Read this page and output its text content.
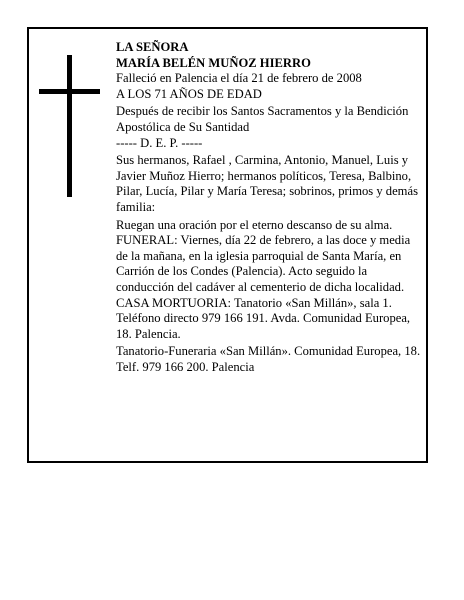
LA SEÑORA

MARÍA BELÉN MUÑOZ HIERRO

Falleció en Palencia el día 21 de febrero de 2008

A LOS 71 AÑOS DE EDAD

Después de recibir los Santos Sacramentos y la Bendición Apostólica de Su Santidad

----- D. E. P. -----

Sus hermanos, Rafael , Carmina, Antonio, Manuel, Luis y Javier Muñoz Hierro; hermanos políticos, Teresa, Balbino, Pilar, Lucía, Pilar y María Teresa; sobrinos, primos y demás familia:

Ruegan una oración por el eterno descanso de su alma.

FUNERAL: Viernes, día 22 de febrero, a las doce y media de la mañana, en la iglesia parroquial de Santa María, en Carrión de los Condes (Palencia). Acto seguido la conducción del cadáver al cementerio de dicha localidad.

CASA MORTUORIA: Tanatorio «San Millán», sala 1. Teléfono directo 979 166 191. Avda. Comunidad Europea, 18. Palencia.

Tanatorio-Funeraria «San Millán». Comunidad Europea, 18. Telf. 979 166 200. Palencia
